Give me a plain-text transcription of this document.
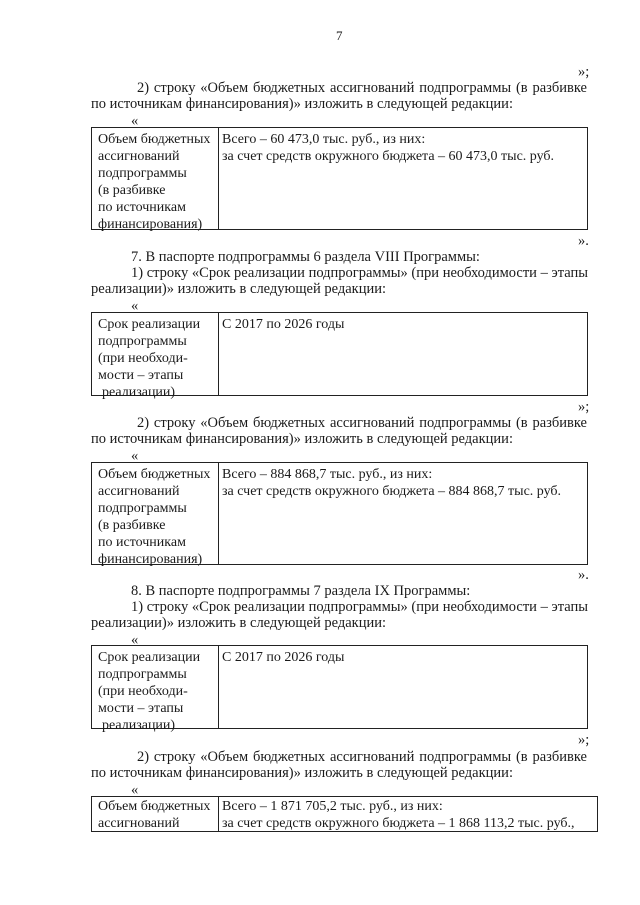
7
»;
2) строку «Объем бюджетных ассигнований подпрограммы (в разбивке
по источникам финансирования)» изложить в следующей редакции:
«
Объем бюджетных
ассигнований
подпрограммы
(в разбивке
по источникам
финансирования)
Всего – 60 473,0 тыс. руб., из них:
за счет средств окружного бюджета – 60 473,0 тыс. руб.
».
7. В паспорте подпрограммы 6 раздела VIII Программы:
1) строку «Срок реализации подпрограммы» (при необходимости – этапы
реализации)» изложить в следующей редакции:
«
Срок реализации
подпрограммы
(при необходи-
мости – этапы
реализации)
С 2017 по 2026 годы
»;
2) строку «Объем бюджетных ассигнований подпрограммы (в разбивке
по источникам финансирования)» изложить в следующей редакции:
«
Объем бюджетных
ассигнований
подпрограммы
(в разбивке
по источникам
финансирования)
Всего – 884 868,7 тыс. руб., из них:
за счет средств окружного бюджета – 884 868,7 тыс. руб.
».
8. В паспорте подпрограммы 7 раздела IX Программы:
1) строку «Срок реализации подпрограммы» (при необходимости – этапы
реализации)» изложить в следующей редакции:
«
Срок реализации
подпрограммы
(при необходи-
мости – этапы
реализации)
С 2017 по 2026 годы
»;
2) строку «Объем бюджетных ассигнований подпрограммы (в разбивке
по источникам финансирования)» изложить в следующей редакции:
«
Объем бюджетных
ассигнований
Всего – 1 871 705,2 тыс. руб., из них:
за счет средств окружного бюджета – 1 868 113,2 тыс. руб.,
